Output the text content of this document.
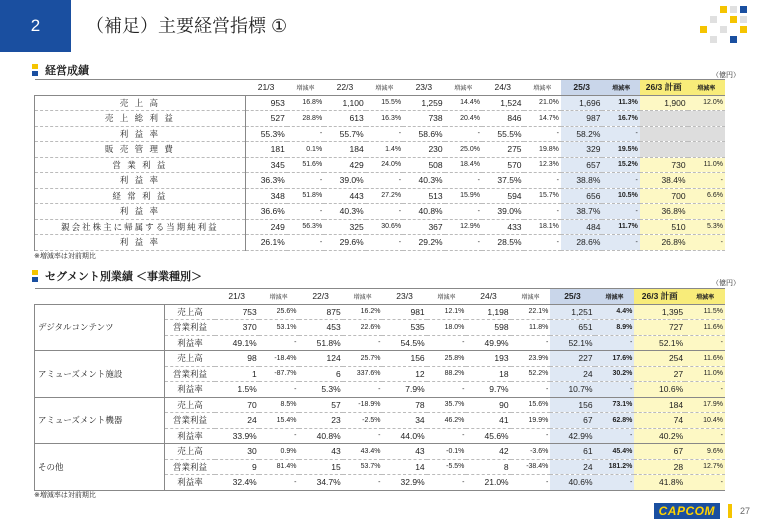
2	（補足）主要経営指標 ①
経営成績	（億円）
	21/3	増減率	22/3	増減率	23/3	増減率	24/3	増減率	25/3	増減率	26/3 計画	増減率
売 上 高	953	16.8%	1,100	15.5%	1,259	14.4%	1,524	21.0%	1,696	11.3%	1,900	12.0%
売 上 総 利 益	527	28.8%	613	16.3%	738	20.4%	846	14.7%	987	16.7%		
利 益 率	55.3%	-	55.7%	-	58.6%	-	55.5%	-	58.2%	-		
販 売 管 理 費	181	0.1%	184	1.4%	230	25.0%	275	19.8%	329	19.5%		
営 業 利 益	345	51.6%	429	24.0%	508	18.4%	570	12.3%	657	15.2%	730	11.0%
利 益 率	36.3%	-	39.0%	-	40.3%	-	37.5%	-	38.8%	-	38.4%	-
経 常 利 益	348	51.8%	443	27.2%	513	15.9%	594	15.7%	656	10.5%	700	6.6%
利 益 率	36.6%	-	40.3%	-	40.8%	-	39.0%	-	38.7%	-	36.8%	-
親会社株主に帰属する当期純利益	249	56.3%	325	30.6%	367	12.9%	433	18.1%	484	11.7%	510	5.3%
利 益 率	26.1%	-	29.6%	-	29.2%	-	28.5%	-	28.6%	-	26.8%	-
※増減率は対前期比
セグメント別業績 ＜事業種別＞
（億円）
		21/3	増減率	22/3	増減率	23/3	増減率	24/3	増減率	25/3	増減率	26/3 計画	増減率
デジタルコンテンツ	売上高	753	25.6%	875	16.2%	981	12.1%	1,198	22.1%	1,251	4.4%	1,395	11.5%
	営業利益	370	53.1%	453	22.6%	535	18.0%	598	11.8%	651	8.9%	727	11.6%
	利益率	49.1%	-	51.8%	-	54.5%	-	49.9%	-	52.1%	-	52.1%	-
アミューズメント施設	売上高	98	-18.4%	124	25.7%	156	25.8%	193	23.9%	227	17.6%	254	11.6%
	営業利益	1	-87.7%	6	337.6%	12	88.2%	18	52.2%	24	30.2%	27	11.0%
	利益率	1.5%	-	5.3%	-	7.9%	-	9.7%	-	10.7%	-	10.6%	-
アミューズメント機器	売上高	70	8.5%	57	-18.9%	78	35.7%	90	15.6%	156	73.1%	184	17.9%
	営業利益	24	15.4%	23	-2.5%	34	46.2%	41	19.9%	67	62.8%	74	10.4%
	利益率	33.9%	-	40.8%	-	44.0%	-	45.6%	-	42.9%	-	40.2%	-
その他	売上高	30	0.9%	43	43.4%	43	-0.1%	42	-3.6%	61	45.4%	67	9.6%
	営業利益	9	81.4%	15	53.7%	14	-5.5%	8	-38.4%	24	181.2%	28	12.7%
	利益率	32.4%	-	34.7%	-	32.9%	-	21.0%	-	40.6%	-	41.8%	-
※増減率は対前期比
CAPCOM	27
